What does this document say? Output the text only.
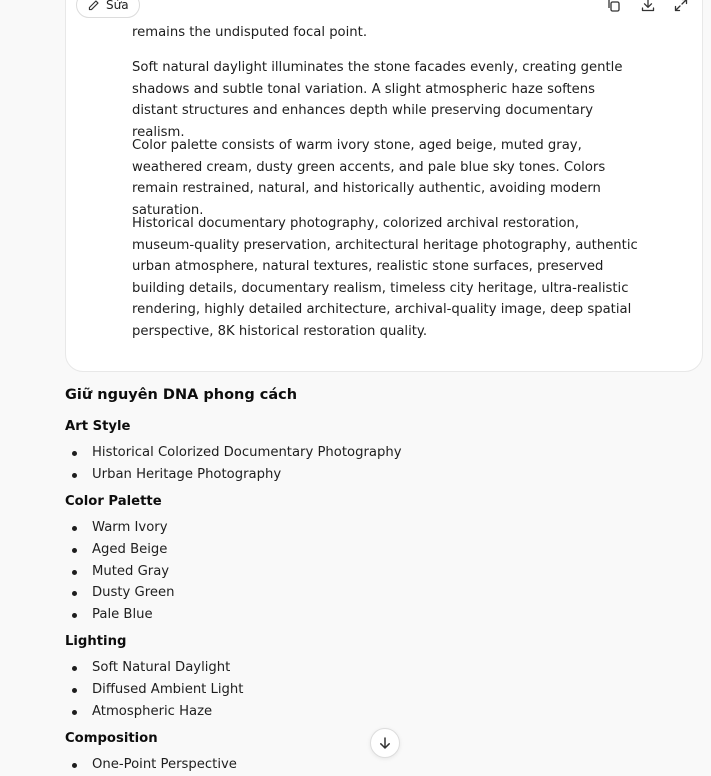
Sửa

remains the undisputed focal point.

Soft natural daylight illuminates the stone facades evenly, creating gentle shadows and subtle tonal variation. A slight atmospheric haze softens distant structures and enhances depth while preserving documentary realism.

Color palette consists of warm ivory stone, aged beige, muted gray, weathered cream, dusty green accents, and pale blue sky tones. Colors remain restrained, natural, and historically authentic, avoiding modern saturation.

Historical documentary photography, colorized archival restoration, museum-quality preservation, architectural heritage photography, authentic urban atmosphere, natural textures, realistic stone surfaces, preserved building details, documentary realism, timeless city heritage, ultra-realistic rendering, highly detailed architecture, archival-quality image, deep spatial perspective, 8K historical restoration quality.

Giữ nguyên DNA phong cách
Art Style
Historical Colorized Documentary Photography
Urban Heritage Photography
Color Palette
Warm Ivory
Aged Beige
Muted Gray
Dusty Green
Pale Blue
Lighting
Soft Natural Daylight
Diffused Ambient Light
Atmospheric Haze
Composition
One-Point Perspective
